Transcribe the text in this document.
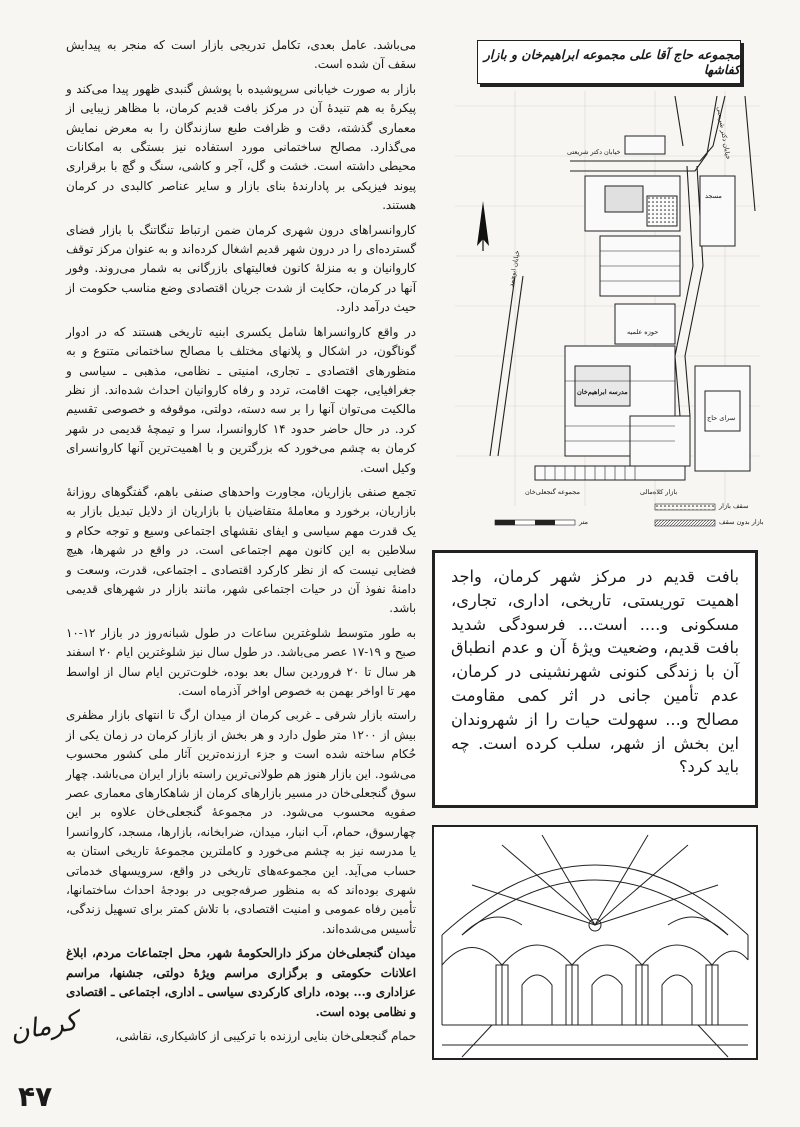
کرمان
۴۷

می‌باشد. عامل بعدی، تکامل تدریجی بازار است که منجر به پیدایش سقف آن شده است.

بازار به صورت خیابانی سرپوشیده با پوشش گنبدی ظهور پیدا می‌کند و پیکرهٔ به هم تنیدهٔ آن در مرکز بافت قدیم کرمان، با مظاهر زیبایی از معماری گذشته، دقت و ظرافت طبع سازندگان را به معرض نمایش می‌گذارد. مصالح ساختمانی مورد استفاده نیز بستگی به امکانات محیطی داشته است. خشت و گل، آجر و کاشی، سنگ و گچ با برقراری پیوند فیزیکی بر پادارندهٔ بنای بازار و سایر عناصر کالبدی در کرمان هستند.

کاروانسراهای درون شهری کرمان ضمن ارتباط تنگاتنگ با بازار فضای گسترده‌ای را در درون شهر قدیم اشغال کرده‌اند و به عنوان مرکز توقف کاروانیان و به منزلهٔ کانون فعالیتهای بازرگانی به شمار می‌روند. وفور آنها در کرمان، حکایت از شدت جریان اقتصادی وضع مناسب حکومت از حیث درآمد دارد.

در واقع کاروانسراها شامل یکسری ابنیه تاریخی هستند که در ادوار گوناگون، در اشکال و پلانهای مختلف با مصالح ساختمانی متنوع و به منظورهای اقتصادی ـ تجاری، امنیتی ـ نظامی، مذهبی ـ سیاسی و جغرافیایی، جهت اقامت، تردد و رفاه کاروانیان احداث شده‌اند. از نظر مالکیت می‌توان آنها را بر سه دسته، دولتی، موقوفه و خصوصی تقسیم کرد. در حال حاضر حدود ۱۴ کاروانسرا، سرا و تیمچهٔ قدیمی در شهر کرمان به چشم می‌خورد که بزرگترین و با اهمیت‌ترین آنها کاروانسرای وکیل است.

تجمع صنفی بازاریان، مجاورت واحدهای صنفی باهم، گفتگوهای روزانهٔ بازاریان، برخورد و معاملهٔ متقاضیان با بازاریان از دلایل تبدیل بازار به یک قدرت مهم سیاسی و ایفای نقشهای اجتماعی وسیع و توجه حکام و سلاطین به این کانون مهم اجتماعی است. در واقع در شهرها، هیچ فضایی نیست که از نظر کارکرد اقتصادی ـ اجتماعی، قدرت، وسعت و دامنهٔ نفوذ آن در حیات اجتماعی شهر، مانند بازار در شهرهای قدیمی باشد.

به طور متوسط شلوغترین ساعات در طول شبانه‌روز در بازار ۱۲-۱۰ صبح و ۱۹-۱۷ عصر می‌باشد. در طول سال نیز شلوغترین ایام ۲۰ اسفند هر سال تا ۲۰ فروردین سال بعد بوده، خلوت‌ترین ایام سال از اواسط مهر تا اواخر بهمن به خصوص اواخر آذرماه است.

راسته بازار شرقی ـ غربی کرمان از میدان ارگ تا انتهای بازار مظفری بیش از ۱۲۰۰ متر طول دارد و هر بخش از بازار کرمان در زمان یکی از حُکام ساخته شده است و جزء ارزنده‌ترین آثار ملی کشور محسوب می‌شود. این بازار هنوز هم طولانی‌ترین راسته بازار ایران می‌باشد. چهار سوق گنجعلی‌خان در مسیر بازارهای کرمان از شاهکارهای معماری عصر صفویه محسوب می‌شود. در مجموعهٔ گنجعلی‌خان علاوه بر این چهارسوق، حمام، آب انبار، میدان، ضرابخانه، بازارها، مسجد، کاروانسرا یا مدرسه نیز به چشم می‌خورد و کاملترین مجموعهٔ تاریخی استان به حساب می‌آید. این مجموعه‌های تاریخی در واقع، سرویسهای خدماتی شهری بوده‌اند که به منظور صرفه‌جویی در بودجهٔ احداث ساختمانها، تأمین رفاه عمومی و امنیت اقتصادی، با تلاش کمتر برای تسهیل زندگی، تأسیس می‌شده‌اند.

میدان گنجعلی‌خان مرکز دارالحکومهٔ شهر، محل اجتماعات مردم، ابلاغ اعلانات حکومتی و برگزاری مراسم ویژهٔ دولتی، جشنها، مراسم عزاداری و... بوده، دارای کارکردی سیاسی ـ اداری، اجتماعی ـ اقتصادی و نظامی بوده است.

حمام گنجعلی‌خان بنایی ارزنده با ترکیبی از کاشیکاری، نقاشی،

مجموعه حاج آقا علی مجموعه ابراهیم‌خان و بازار کفاشها
خیابان دکتر شریعتی	خیابان دکتر شریعتی
مدرسه ابراهیم‌خان
حوزه علمیه
بازار کلاه‌مالی
مجموعه گنجعلی‌خان
خیابان ابوحمد
سرای حاج
مسجد
سقف بازار
بازار بدون سقف
متر
بافت قدیم در مرکز شهر کرمان، واجد اهمیت توریستی، تاریخی، اداری، تجاری، مسکونی و.... است... فرسودگی شدید بافت قدیم، وضعیت ویژهٔ آن و عدم انطباق آن با زندگی کنونی شهرنشینی در کرمان، عدم تأمین جانی در اثر کمی مقاومت مصالح و... سهولت حیات را از شهروندان این بخش از شهر، سلب کرده است. چه باید کرد؟
